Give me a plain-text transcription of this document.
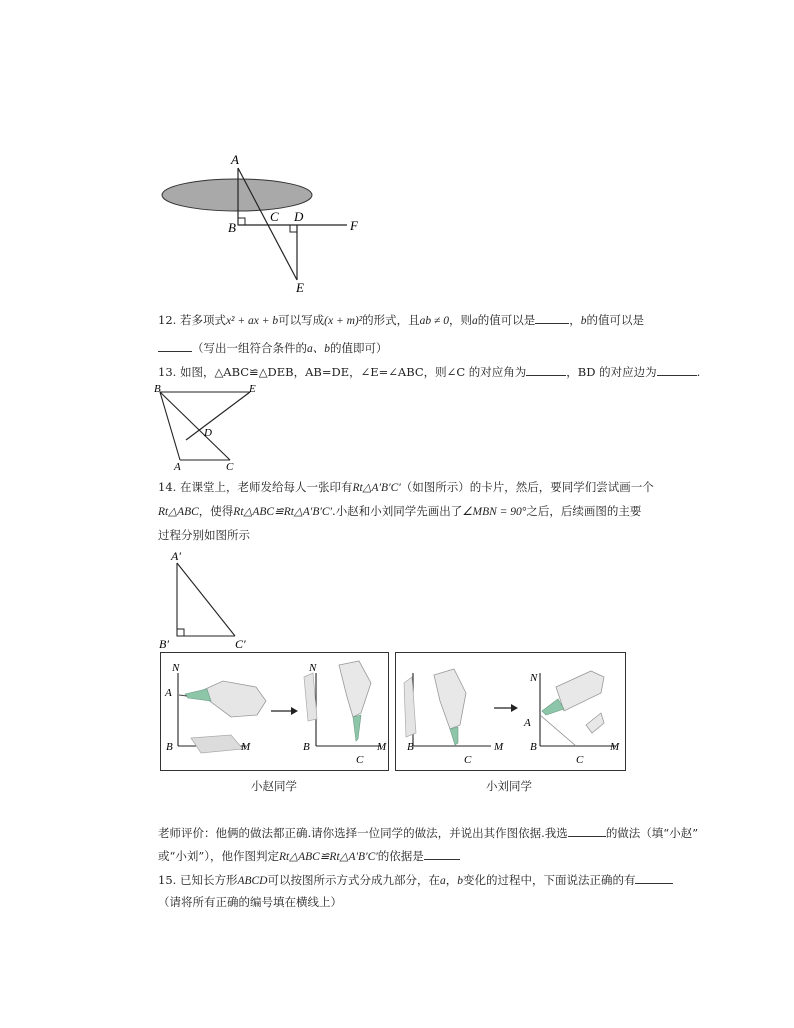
A
B
C D
F
E
12. 若多项式x² + ax + b可以写成(x + m)²的形式，且ab ≠ 0，则a的值可以是	，b的值可以是
（写出一组符合条件的a、b的值即可）
13. 如图，△ABC≌△DEB，AB=DE，∠E=∠ABC，则∠C 的对应角为	，BD 的对应边为	.
B	E
D
A	C
14. 在课堂上，老师发给每人一张印有Rt△A′B′C′（如图所示）的卡片，然后，要同学们尝试画一个
Rt△ABC，使得Rt△ABC≌Rt△A′B′C′.小赵和小刘同学先画出了∠MBN = 90°之后，后续画图的主要
过程分别如图所示
A′
B′	C′
N
A
B	M
N
B	M
C
N
A
B
C
M B
C
M
小赵同学	小刘同学
老师评价：他俩的做法都正确.请你选择一位同学的做法，并说出其作图依据.我选	的做法（填“小赵”
或“小刘”），他作图判定Rt△ABC≌Rt△A′B′C′的依据是
15. 已知长方形ABCD可以按图所示方式分成九部分，在a，b变化的过程中，下面说法正确的有
（请将所有正确的编号填在横线上）
